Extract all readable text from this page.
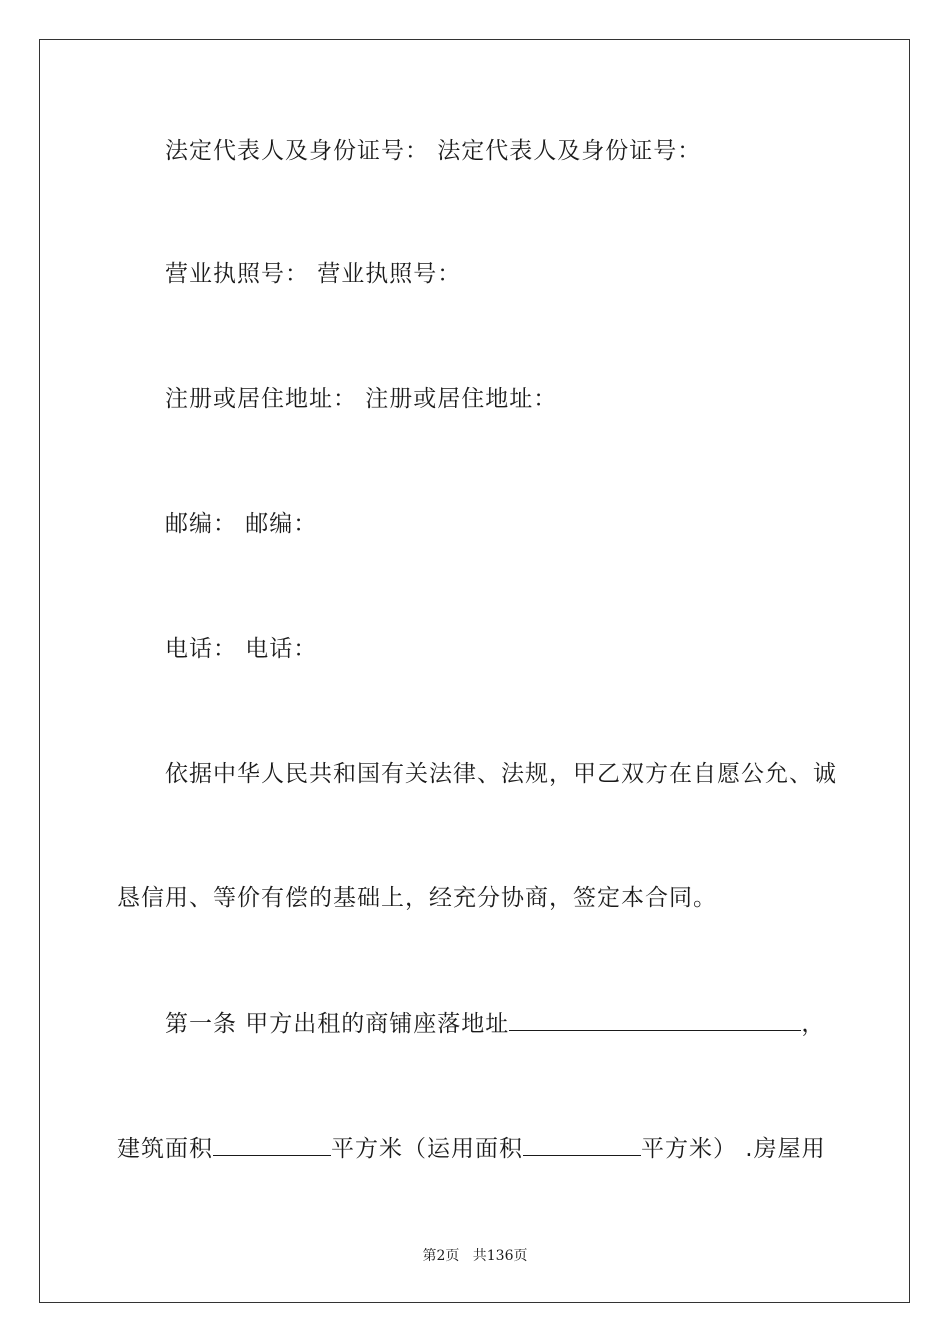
法定代表人及身份证号： 法定代表人及身份证号：
营业执照号： 营业执照号：
注册或居住地址： 注册或居住地址：
邮编： 邮编：
电话： 电话：
依据中华人民共和国有关法律、法规，甲乙双方在自愿公允、诚
恳信用、等价有偿的基础上，经充分协商，签定本合同。
第一条 甲方出租的商铺座落地址	，
建筑面积	平方米（运用面积	平方米） .房屋用
第2页 共136页
